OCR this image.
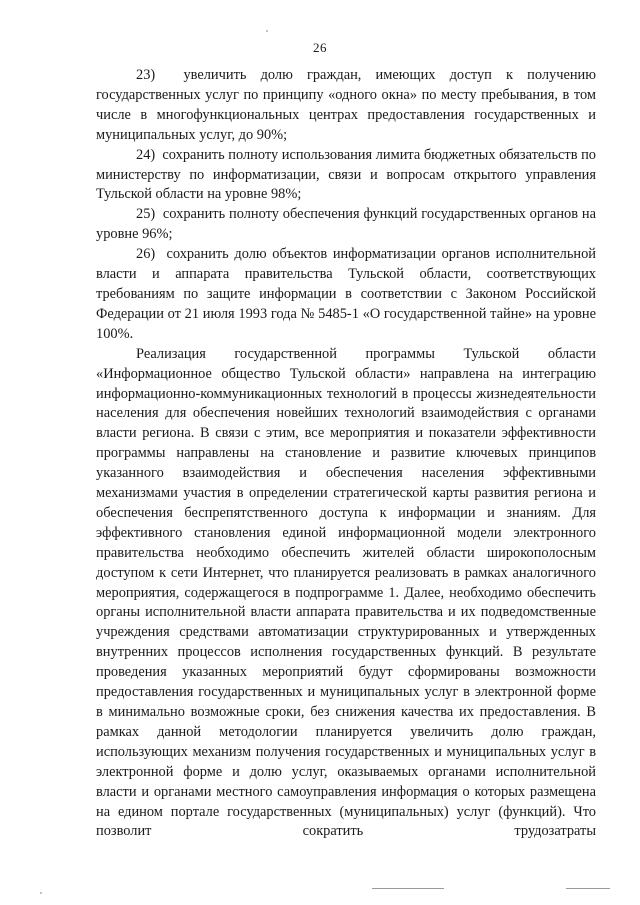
26

23)  увеличить долю граждан, имеющих доступ к получению государственных услуг по принципу «одного окна» по месту пребывания, в том числе в многофункциональных центрах предоставления государственных и муниципальных услуг, до 90%;

24)  сохранить полноту использования лимита бюджетных обязательств по министерству по информатизации, связи и вопросам открытого управления Тульской области на уровне 98%;

25)  сохранить полноту обеспечения функций государственных органов на уровне 96%;

26)  сохранить долю объектов информатизации органов исполнительной власти и аппарата правительства Тульской области, соответствующих требованиям по защите информации в соответствии с Законом Российской Федерации от 21 июля 1993 года № 5485-1 «О государственной тайне» на уровне 100%.

Реализация государственной программы Тульской области «Информационное общество Тульской области» направлена на интеграцию информационно-коммуникационных технологий в процессы жизнедеятельности населения для обеспечения новейших технологий взаимодействия с органами власти региона. В связи с этим, все мероприятия и показатели эффективности программы направлены на становление и развитие ключевых принципов указанного взаимодействия и обеспечения населения эффективными механизмами участия в определении стратегической карты развития региона и обеспечения беспрепятственного доступа к информации и знаниям. Для эффективного становления единой информационной модели электронного правительства необходимо обеспечить жителей области широкополосным доступом к сети Интернет, что планируется реализовать в рамках аналогичного мероприятия, содержащегося в подпрограмме 1. Далее, необходимо обеспечить органы исполнительной власти аппарата правительства и их подведомственные учреждения средствами автоматизации структурированных и утвержденных внутренних процессов исполнения государственных функций. В результате проведения указанных мероприятий будут сформированы возможности предоставления государственных и муниципальных услуг в электронной форме в минимально возможные сроки, без снижения качества их предоставления. В рамках данной методологии планируется увеличить долю граждан, использующих механизм получения государственных и муниципальных услуг в электронной форме и долю услуг, оказываемых органами исполнительной власти и органами местного самоуправления информация о которых размещена на едином портале государственных (муниципальных) услуг (функций). Что позволит сократить трудозатраты
